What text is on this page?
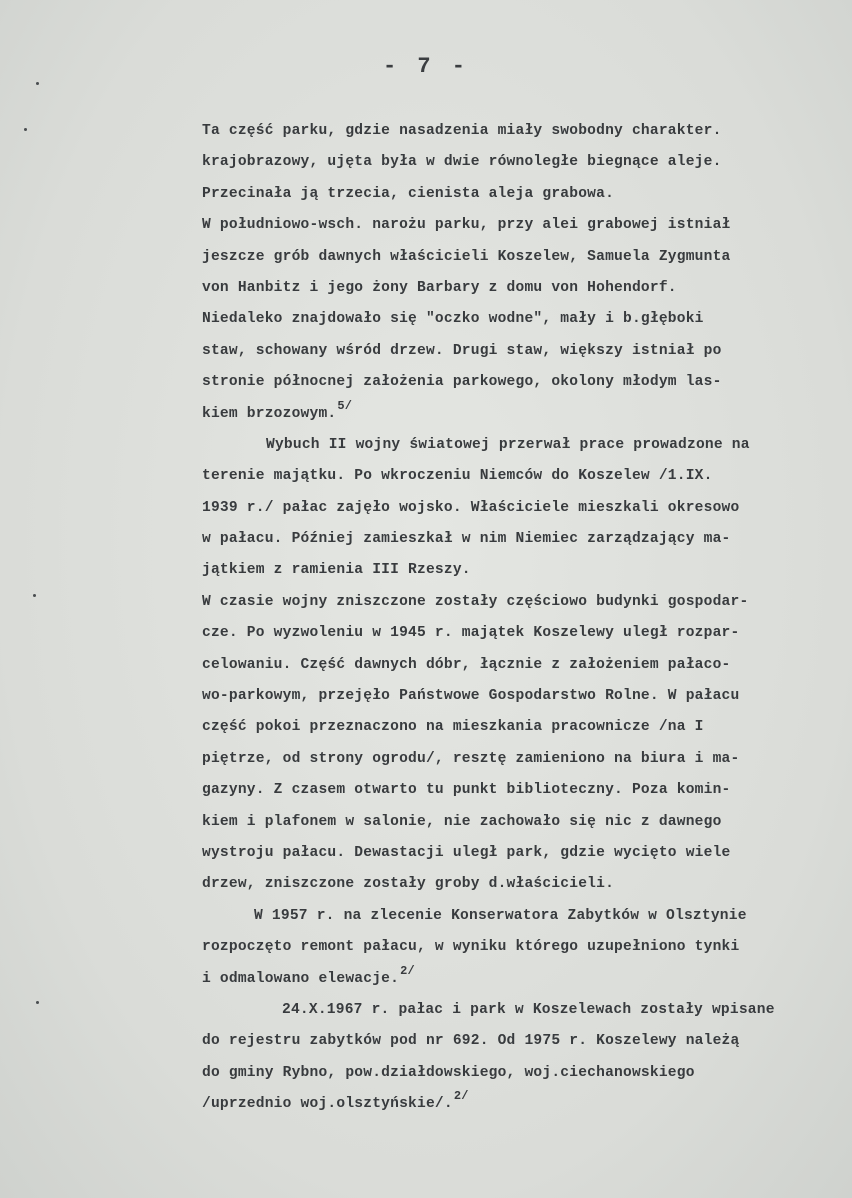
- 7 -
Ta część parku, gdzie nasadzenia miały swobodny charakter.
krajobrazowy, ujęta była w dwie równoległe biegnące aleje.
Przecinała ją trzecia, cienista aleja grabowa.
W południowo-wsch. narożu parku, przy alei grabowej istniał
jeszcze grób dawnych właścicieli Koszelew, Samuela Zygmunta
von Hanbitz i jego żony Barbary z domu von Hohendorf.
Niedaleko znajdowało się "oczko wodne", mały i b.głęboki
staw, schowany wśród drzew. Drugi staw, większy istniał po
stronie północnej założenia parkowego, okolony młodym las-
kiem brzozowym.$^{5/}$
Wybuch II wojny światowej przerwał prace prowadzone na
terenie majątku. Po wkroczeniu Niemców do Koszelew /1.IX.
1939 r./ pałac zajęło wojsko. Właściciele mieszkali okresowo
w pałacu. Później zamieszkał w nim Niemiec zarządzający ma-
jątkiem z ramienia III Rzeszy.
W czasie wojny zniszczone zostały częściowo budynki gospodar-
cze. Po wyzwoleniu w 1945 r. majątek Koszelewy uległ rozpar-
celowaniu. Część dawnych dóbr, łącznie z założeniem pałaco-
wo-parkowym, przejęło Państwowe Gospodarstwo Rolne. W pałacu
część pokoi przeznaczono na mieszkania pracownicze /na I
piętrze, od strony ogrodu/, resztę zamieniono na biura i ma-
gazyny. Z czasem otwarto tu punkt biblioteczny. Poza komin-
kiem i plafonem w salonie, nie zachowało się nic z dawnego
wystroju pałacu. Dewastacji uległ park, gdzie wycięto wiele
drzew, zniszczone zostały groby d.właścicieli.
W 1957 r. na zlecenie Konserwatora Zabytków w Olsztynie
rozpoczęto remont pałacu, w wyniku którego uzupełniono tynki
i odmalowano elewacje.$^{2/}$
24.X.1967 r. pałac i park w Koszelewach zostały wpisane
do rejestru zabytków pod nr 692. Od 1975 r. Koszelewy należą
do gminy Rybno, pow.działdowskiego, woj.ciechanowskiego
/uprzednio woj.olsztyńskie/.$^{2/}$
